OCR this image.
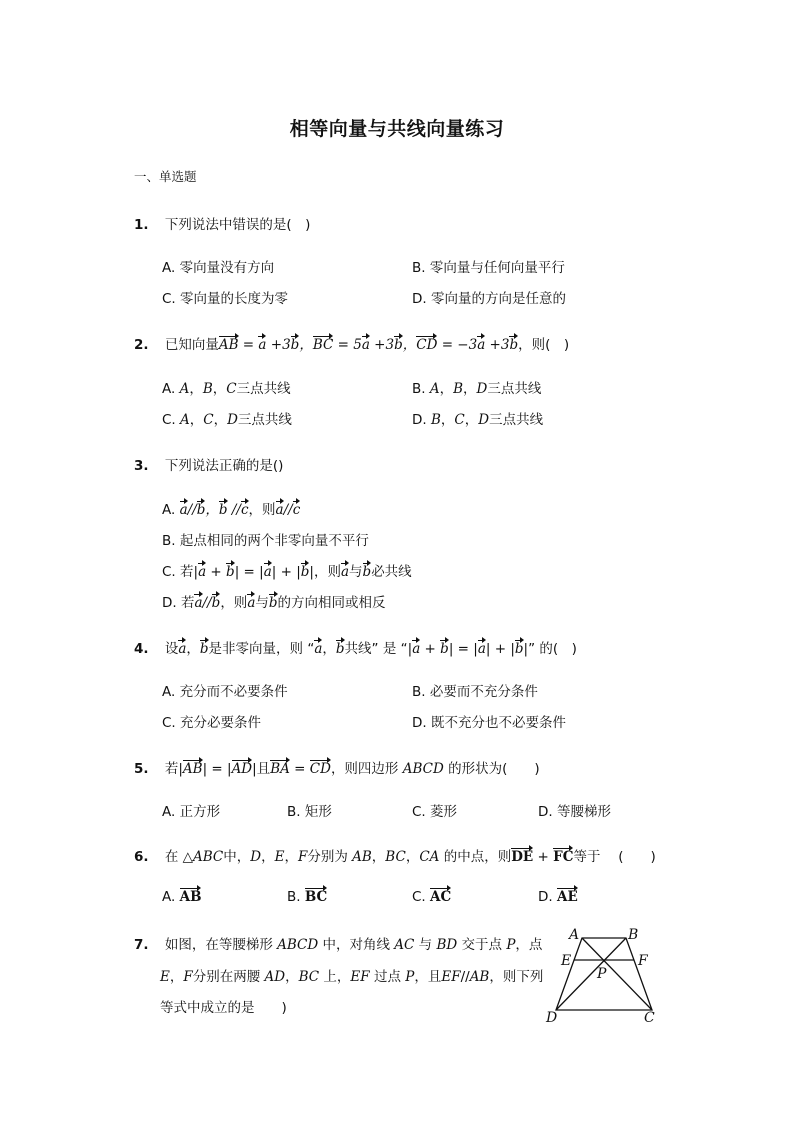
相等向量与共线向量练习
一、单选题
1. 下列说法中错误的是(　)
A. 零向量没有方向	B. 零向量与任何向量平行
C. 零向量的长度为零	D. 零向量的方向是任意的
2. 已知向量AB = a +3b，BC = 5a +3b，CD = −3a +3b，则(　)
A. A，B，C三点共线	B. A，B，D三点共线
C. A，C，D三点共线	D. B，C，D三点共线
3. 下列说法正确的是()
A. a//b，b //c，则a//c
B. 起点相同的两个非零向量不平行
C. 若|a + b| = |a| + |b|，则a与b必共线
D. 若a//b，则a与b的方向相同或相反
4. 设a，b是非零向量，则 “a，b共线” 是 “|a + b| = |a| + |b|” 的(　)
A. 充分而不必要条件	B. 必要而不充分条件
C. 充分必要条件	D. 既不充分也不必要条件
5. 若|AB| = |AD|且BA = CD，则四边形 ABCD 的形状为(　　)
A. 正方形	B. 矩形	C. 菱形	D. 等腰梯形
6. 在 △ABC中，D，E，F分别为 AB，BC，CA 的中点，则DE + FC等于　 (　　)
A. AB	B. BC	C. AC	D. AE
7. 如图，在等腰梯形 ABCD 中，对角线 AC 与 BD 交于点 P，点
E，F分别在两腰 AD，BC 上，EF 过点 P，且EF//AB，则下列
等式中成立的是　　)
A	B
E	F
P
D	C
